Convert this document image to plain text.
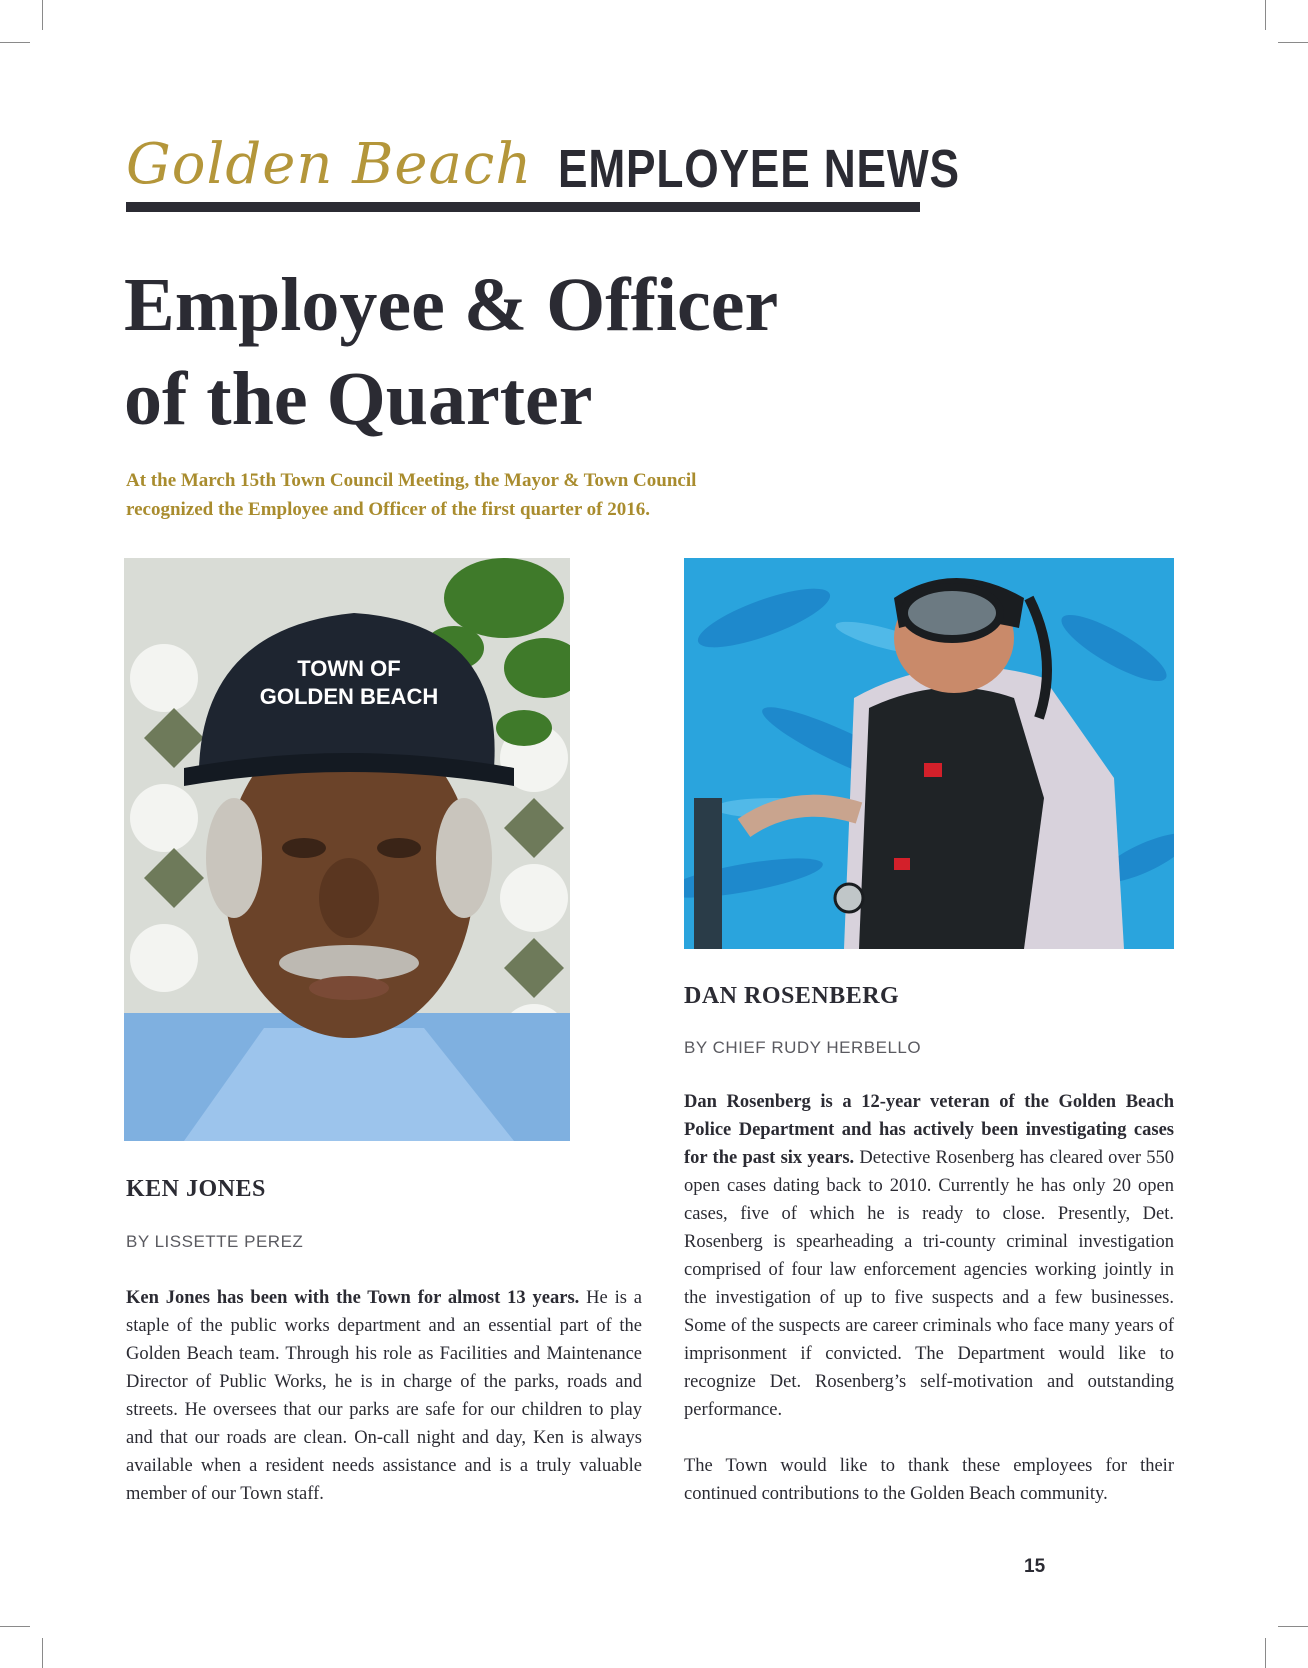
Golden Beach EMPLOYEE NEWS
Employee & Officer
of the Quarter
At the March 15th Town Council Meeting, the Mayor & Town Council
recognized the Employee and Officer of the first quarter of 2016.
TOWN OF
GOLDEN BEACH
KEN JONES
BY LISSETTE PEREZ

Ken Jones has been with the Town for almost 13 years. He is a staple of the public works department and an essential part of the Golden Beach team. Through his role as Facilities and Maintenance Director of Public Works, he is in charge of the parks, roads and streets. He oversees that our parks are safe for our children to play and that our roads are clean. On-call night and day, Ken is always available when a resident needs assistance and is a truly valuable member of our Town staff.

DAN ROSENBERG
BY CHIEF RUDY HERBELLO

Dan Rosenberg is a 12-year veteran of the Golden Beach Police Department and has actively been investigating cases for the past six years. Detective Rosenberg has cleared over 550 open cases dating back to 2010. Currently he has only 20 open cases, five of which he is ready to close. Presently, Det. Rosenberg is spearheading a tri-county criminal investigation comprised of four law enforcement agencies working jointly in the investigation of up to five suspects and a few businesses. Some of the suspects are career criminals who face many years of imprisonment if convicted. The Department would like to recognize Det. Rosenberg’s self-motivation and outstanding performance.

The Town would like to thank these employees for their continued contributions to the Golden Beach community.

15
